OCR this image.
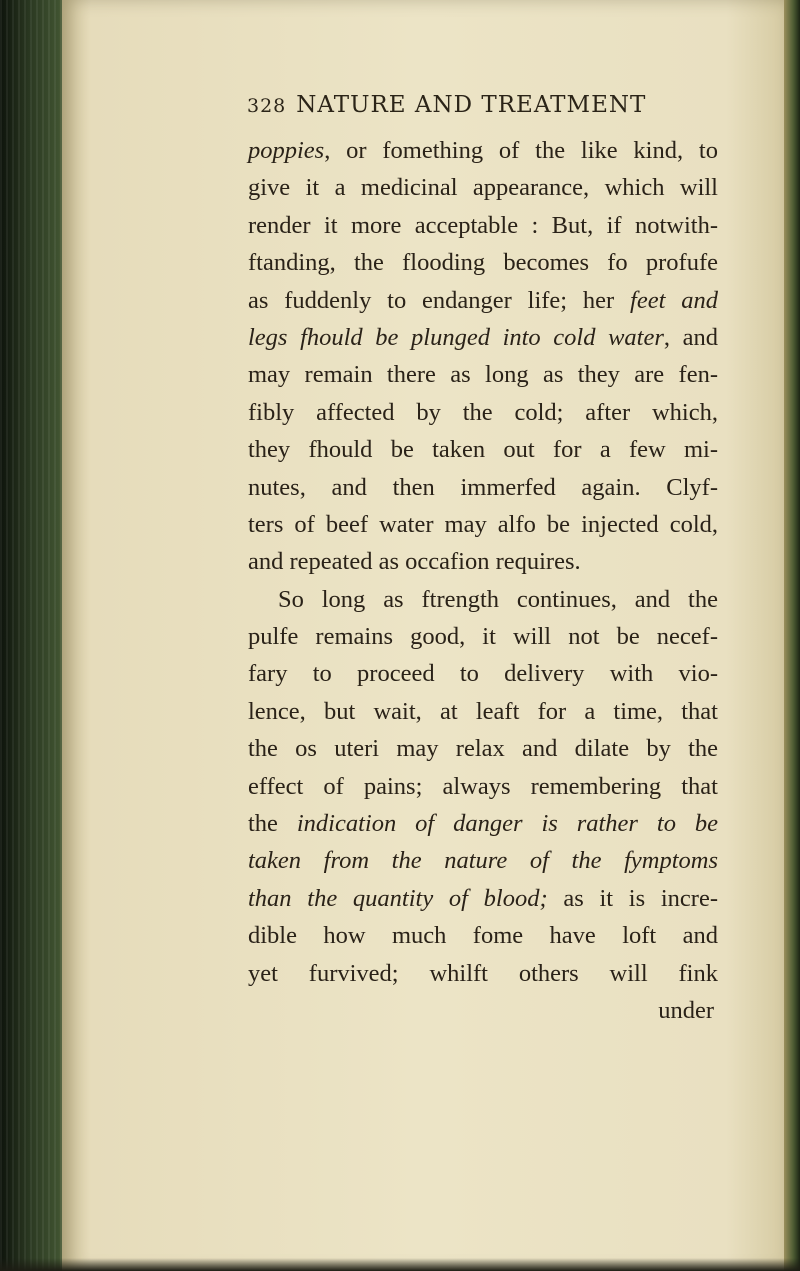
328 NATURE AND TREATMENT
poppies, or fomething of the like kind, to
give it a medicinal appearance, which will
render it more acceptable : But, if notwith-
ftanding, the flooding becomes fo profufe
as fuddenly to endanger life; her feet and
legs fhould be plunged into cold water, and
may remain there as long as they are fen-
fibly affected by the cold; after which,
they fhould be taken out for a few mi-
nutes, and then immerfed again. Clyf-
ters of beef water may alfo be injected cold,
and repeated as occafion requires.
So long as ftrength continues, and the
pulfe remains good, it will not be necef-
fary to proceed to delivery with vio-
lence, but wait, at leaft for a time, that
the os uteri may relax and dilate by the
effect of pains; always remembering that
the indication of danger is rather to be
taken from the nature of the fymptoms
than the quantity of blood; as it is incre-
dible how much fome have loft and
yet furvived; whilft others will fink
under
